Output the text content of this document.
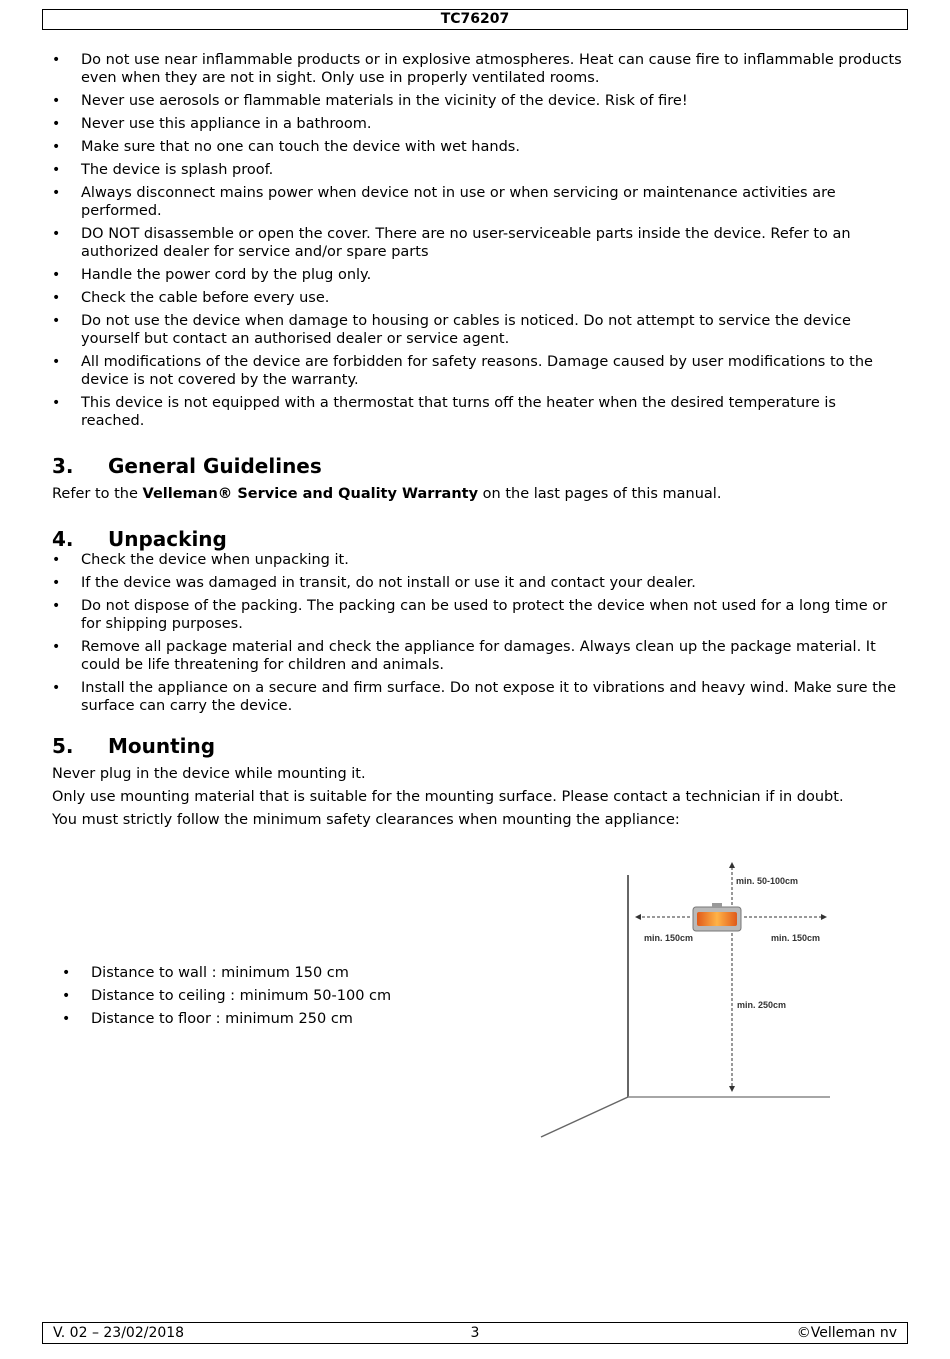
TC76207
• Do not use near inflammable products or in explosive atmospheres. Heat can cause fire to inflammable products even when they are not in sight. Only use in properly ventilated rooms.
• Never use aerosols or flammable materials in the vicinity of the device. Risk of fire!
• Never use this appliance in a bathroom.
• Make sure that no one can touch the device with wet hands.
• The device is splash proof.
• Always disconnect mains power when device not in use or when servicing or maintenance activities are performed.
• DO NOT disassemble or open the cover. There are no user-serviceable parts inside the device. Refer to an authorized dealer for service and/or spare parts
• Handle the power cord by the plug only.
• Check the cable before every use.
• Do not use the device when damage to housing or cables is noticed. Do not attempt to service the device yourself but contact an authorised dealer or service agent.
• All modifications of the device are forbidden for safety reasons. Damage caused by user modifications to the device is not covered by the warranty.
• This device is not equipped with a thermostat that turns off the heater when the desired temperature is reached.
3.	General Guidelines

Refer to the Velleman® Service and Quality Warranty on the last pages of this manual.

4.	Unpacking
• Check the device when unpacking it.
• If the device was damaged in transit, do not install or use it and contact your dealer.
• Do not dispose of the packing. The packing can be used to protect the device when not used for a long time or for shipping purposes.
• Remove all package material and check the appliance for damages. Always clean up the package material. It could be life threatening for children and animals.
• Install the appliance on a secure and firm surface. Do not expose it to vibrations and heavy wind. Make sure the surface can carry the device.
5.	Mounting

Never plug in the device while mounting it.

Only use mounting material that is suitable for the mounting surface. Please contact a technician if in doubt.

You must strictly follow the minimum safety clearances when mounting the appliance:

• Distance to wall : minimum 150 cm
• Distance to ceiling : minimum 50-100 cm
• Distance to floor : minimum 250 cm
min. 50-100cm
min. 150cm	min. 150cm
min. 250cm
V. 02 – 23/02/2018	3	©Velleman nv
